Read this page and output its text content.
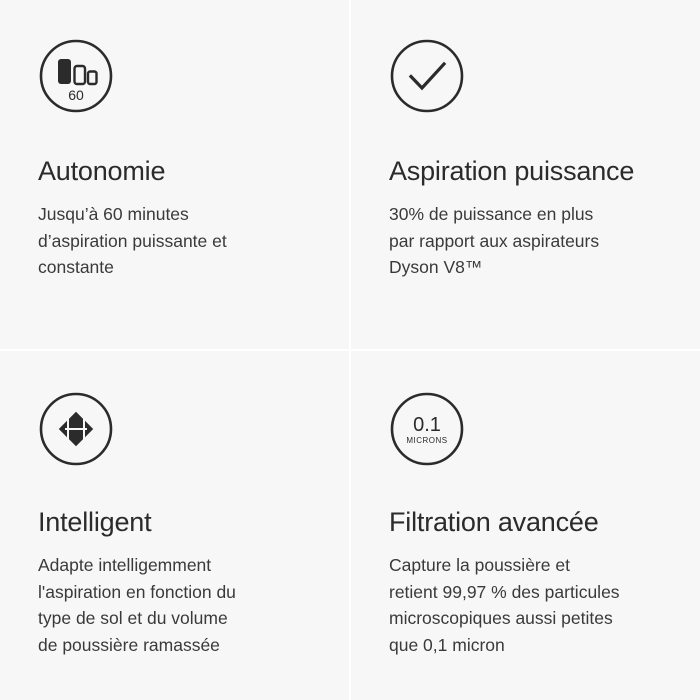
60
Autonomie

Jusqu’à 60 minutes
d’aspiration puissante et
constante

Aspiration puissance

30% de puissance en plus
par rapport aux aspirateurs
Dyson V8™

Intelligent

Adapte intelligemment
l'aspiration en fonction du
type de sol et du volume
de poussière ramassée

0.1
MICRONS
Filtration avancée

Capture la poussière et
retient 99,97 % des particules
microscopiques aussi petites
que 0,1 micron
